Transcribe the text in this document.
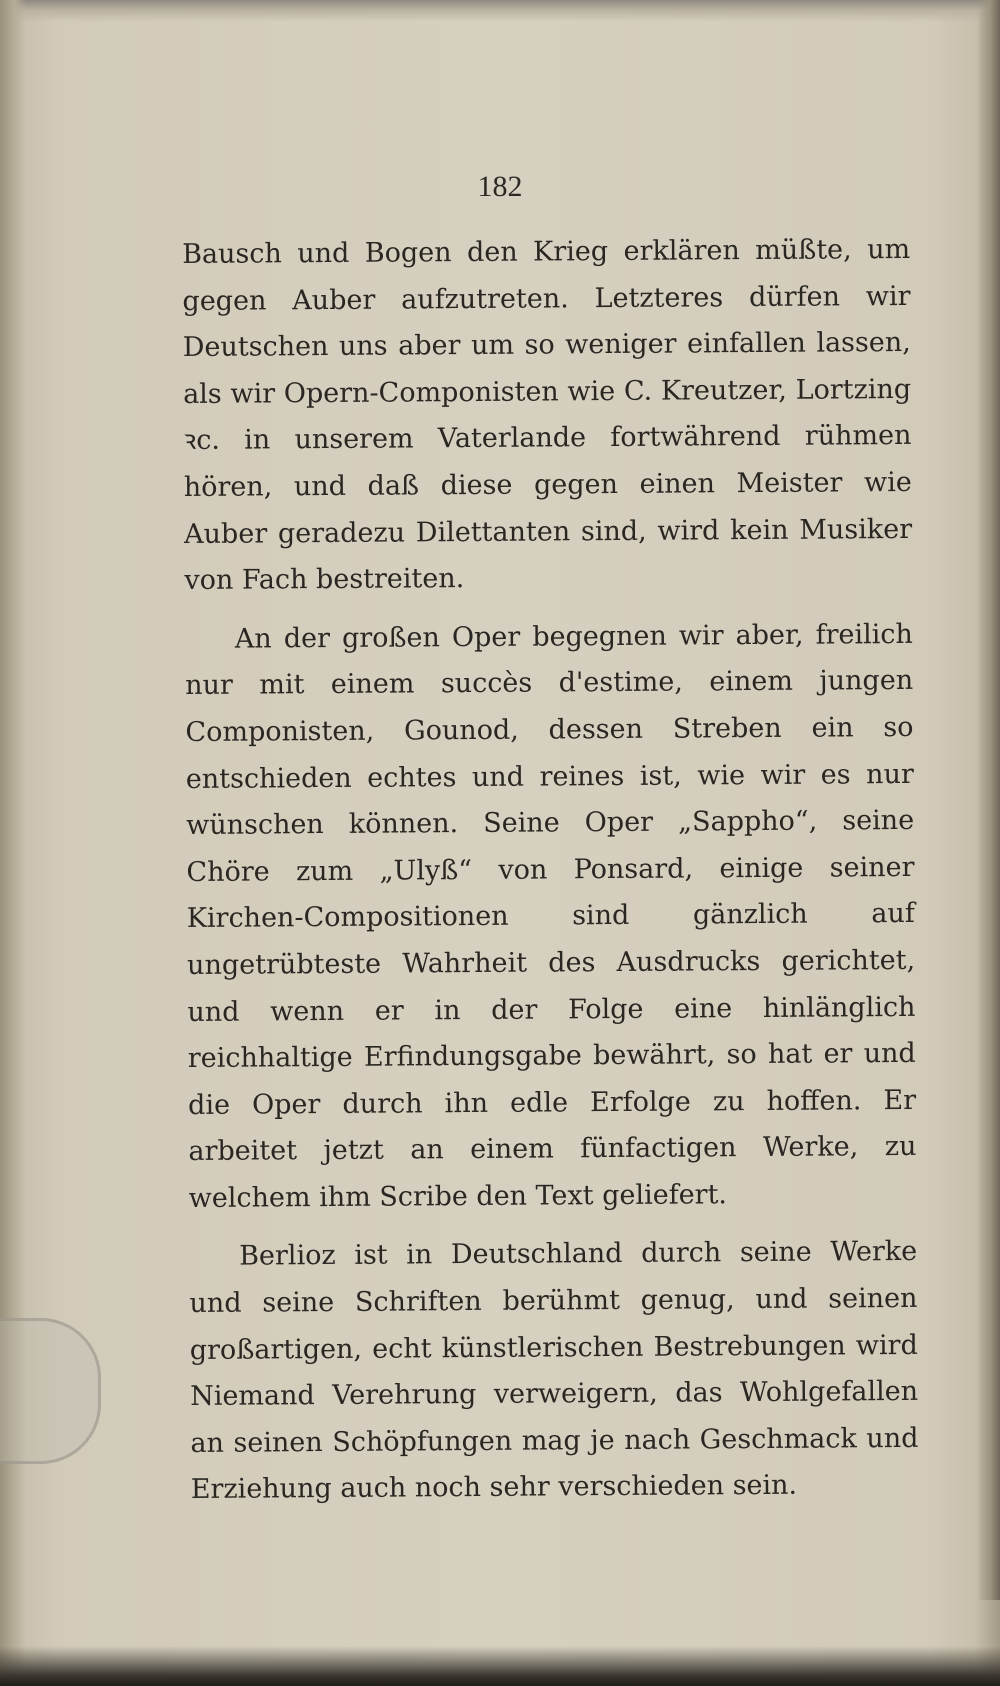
182

Bausch und Bogen den Krieg erklären müßte, um gegen Auber aufzutreten. Letzteres dürfen wir Deutschen uns aber um so weniger einfallen lassen, als wir Opern-Componisten wie C. Kreutzer, Lortzing ꝛc. in unserem Vaterlande fortwährend rühmen hören, und daß diese gegen einen Meister wie Auber geradezu Dilettanten sind, wird kein Musiker von Fach bestreiten.

An der großen Oper begegnen wir aber, freilich nur mit einem succès d'estime, einem jungen Componisten, Gounod, dessen Streben ein so entschieden echtes und reines ist, wie wir es nur wünschen können. Seine Oper „Sappho“, seine Chöre zum „Ulyß“ von Ponsard, einige seiner Kirchen-Compositionen sind gänzlich auf ungetrübteste Wahrheit des Ausdrucks gerichtet, und wenn er in der Folge eine hinlänglich reichhaltige Erfindungsgabe bewährt, so hat er und die Oper durch ihn edle Erfolge zu hoffen. Er arbeitet jetzt an einem fünfactigen Werke, zu welchem ihm Scribe den Text geliefert.

Berlioz ist in Deutschland durch seine Werke und seine Schriften berühmt genug, und seinen großartigen, echt künstlerischen Bestrebungen wird Niemand Verehrung verweigern, das Wohlgefallen an seinen Schöpfungen mag je nach Geschmack und Erziehung auch noch sehr verschieden sein.
